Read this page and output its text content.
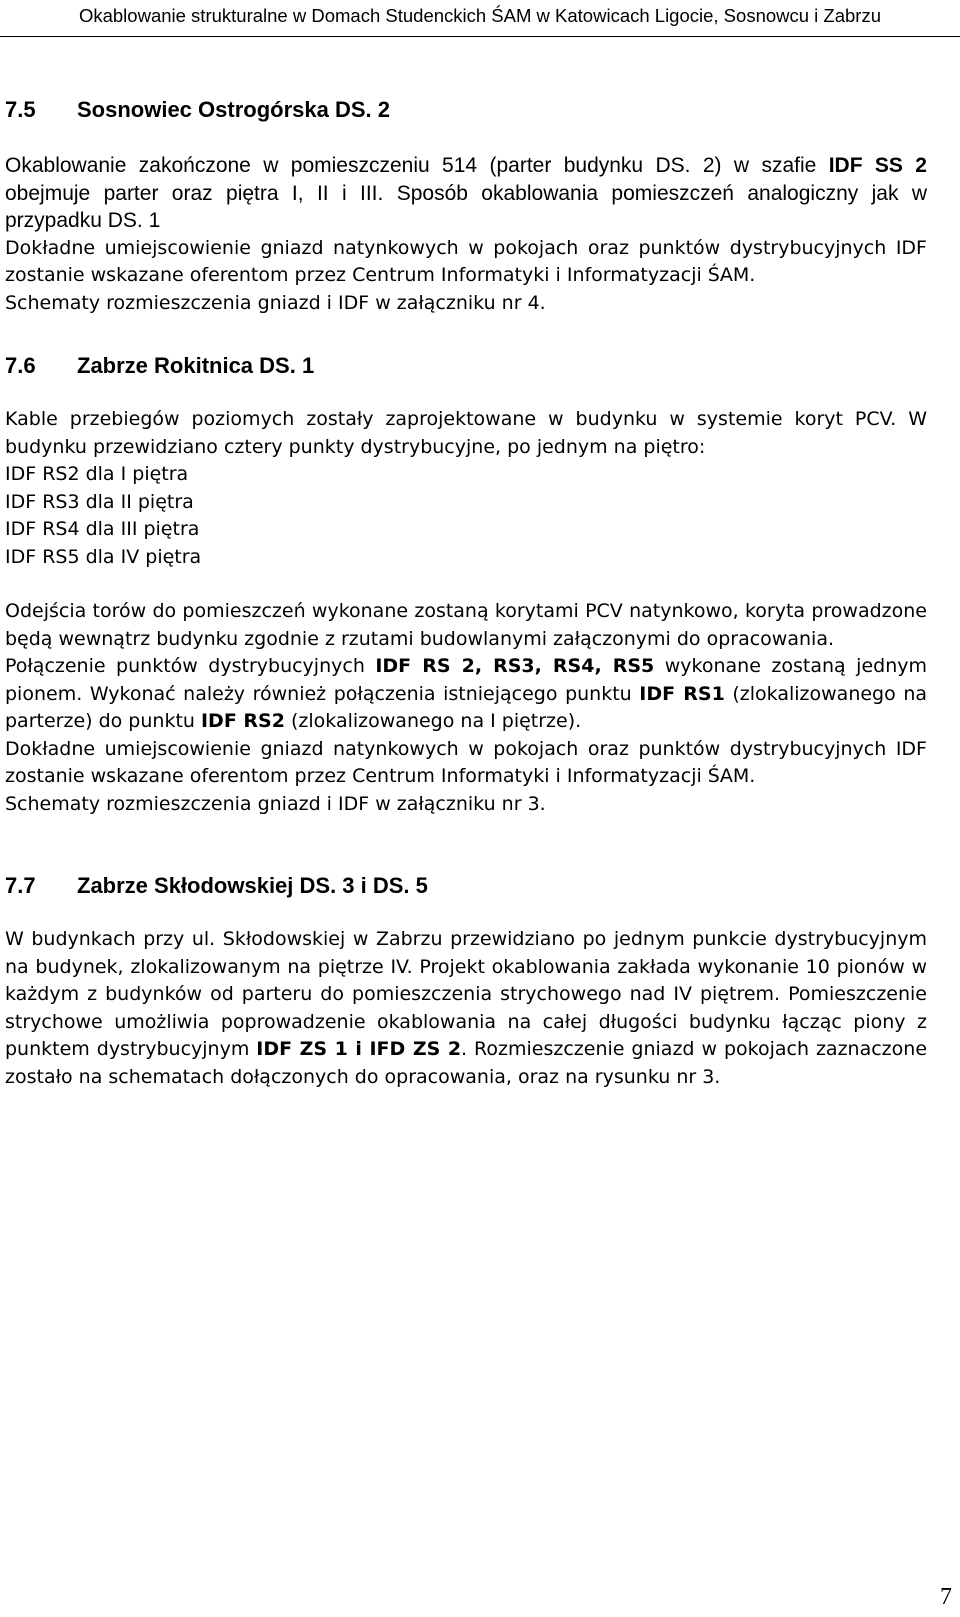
Okablowanie strukturalne w Domach Studenckich ŚAM w Katowicach Ligocie, Sosnowcu i Zabrzu
7.5 Sosnowiec Ostrogórska DS. 2

Okablowanie zakończone w pomieszczeniu 514 (parter budynku DS. 2) w szafie IDF SS 2 obejmuje parter oraz piętra I, II i III. Sposób okablowania pomieszczeń analogiczny jak w przypadku DS. 1

Dokładne umiejscowienie gniazd natynkowych w pokojach oraz punktów dystrybucyjnych IDF zostanie wskazane oferentom przez Centrum Informatyki i Informatyzacji ŚAM.

Schematy rozmieszczenia gniazd i IDF w załączniku nr 4.

7.6 Zabrze Rokitnica DS. 1

Kable przebiegów poziomych zostały zaprojektowane w budynku w systemie koryt PCV. W budynku przewidziano cztery punkty dystrybucyjne, po jednym na piętro:

IDF RS2 dla I piętra

IDF RS3 dla II piętra

IDF RS4 dla III piętra

IDF RS5 dla IV piętra

Odejścia torów do pomieszczeń wykonane zostaną korytami PCV natynkowo, koryta prowadzone będą wewnątrz budynku zgodnie z rzutami budowlanymi załączonymi do opracowania.

Połączenie punktów dystrybucyjnych IDF RS 2, RS3, RS4, RS5 wykonane zostaną jednym pionem. Wykonać należy również połączenia istniejącego punktu IDF RS1 (zlokalizowanego na parterze) do punktu IDF RS2 (zlokalizowanego na I piętrze).

Dokładne umiejscowienie gniazd natynkowych w pokojach oraz punktów dystrybucyjnych IDF zostanie wskazane oferentom przez Centrum Informatyki i Informatyzacji ŚAM.

Schematy rozmieszczenia gniazd i IDF w załączniku nr 3.

7.7 Zabrze Skłodowskiej DS. 3 i DS. 5

W budynkach przy ul. Skłodowskiej w Zabrzu przewidziano po jednym punkcie dystrybucyjnym na budynek, zlokalizowanym na piętrze IV. Projekt okablowania zakłada wykonanie 10 pionów w każdym z budynków od parteru do pomieszczenia strychowego nad IV piętrem. Pomieszczenie strychowe umożliwia poprowadzenie okablowania na całej długości budynku łącząc piony z punktem dystrybucyjnym IDF ZS 1 i IFD ZS 2. Rozmieszczenie gniazd w pokojach zaznaczone zostało na schematach dołączonych do opracowania, oraz na rysunku nr 3.

7
